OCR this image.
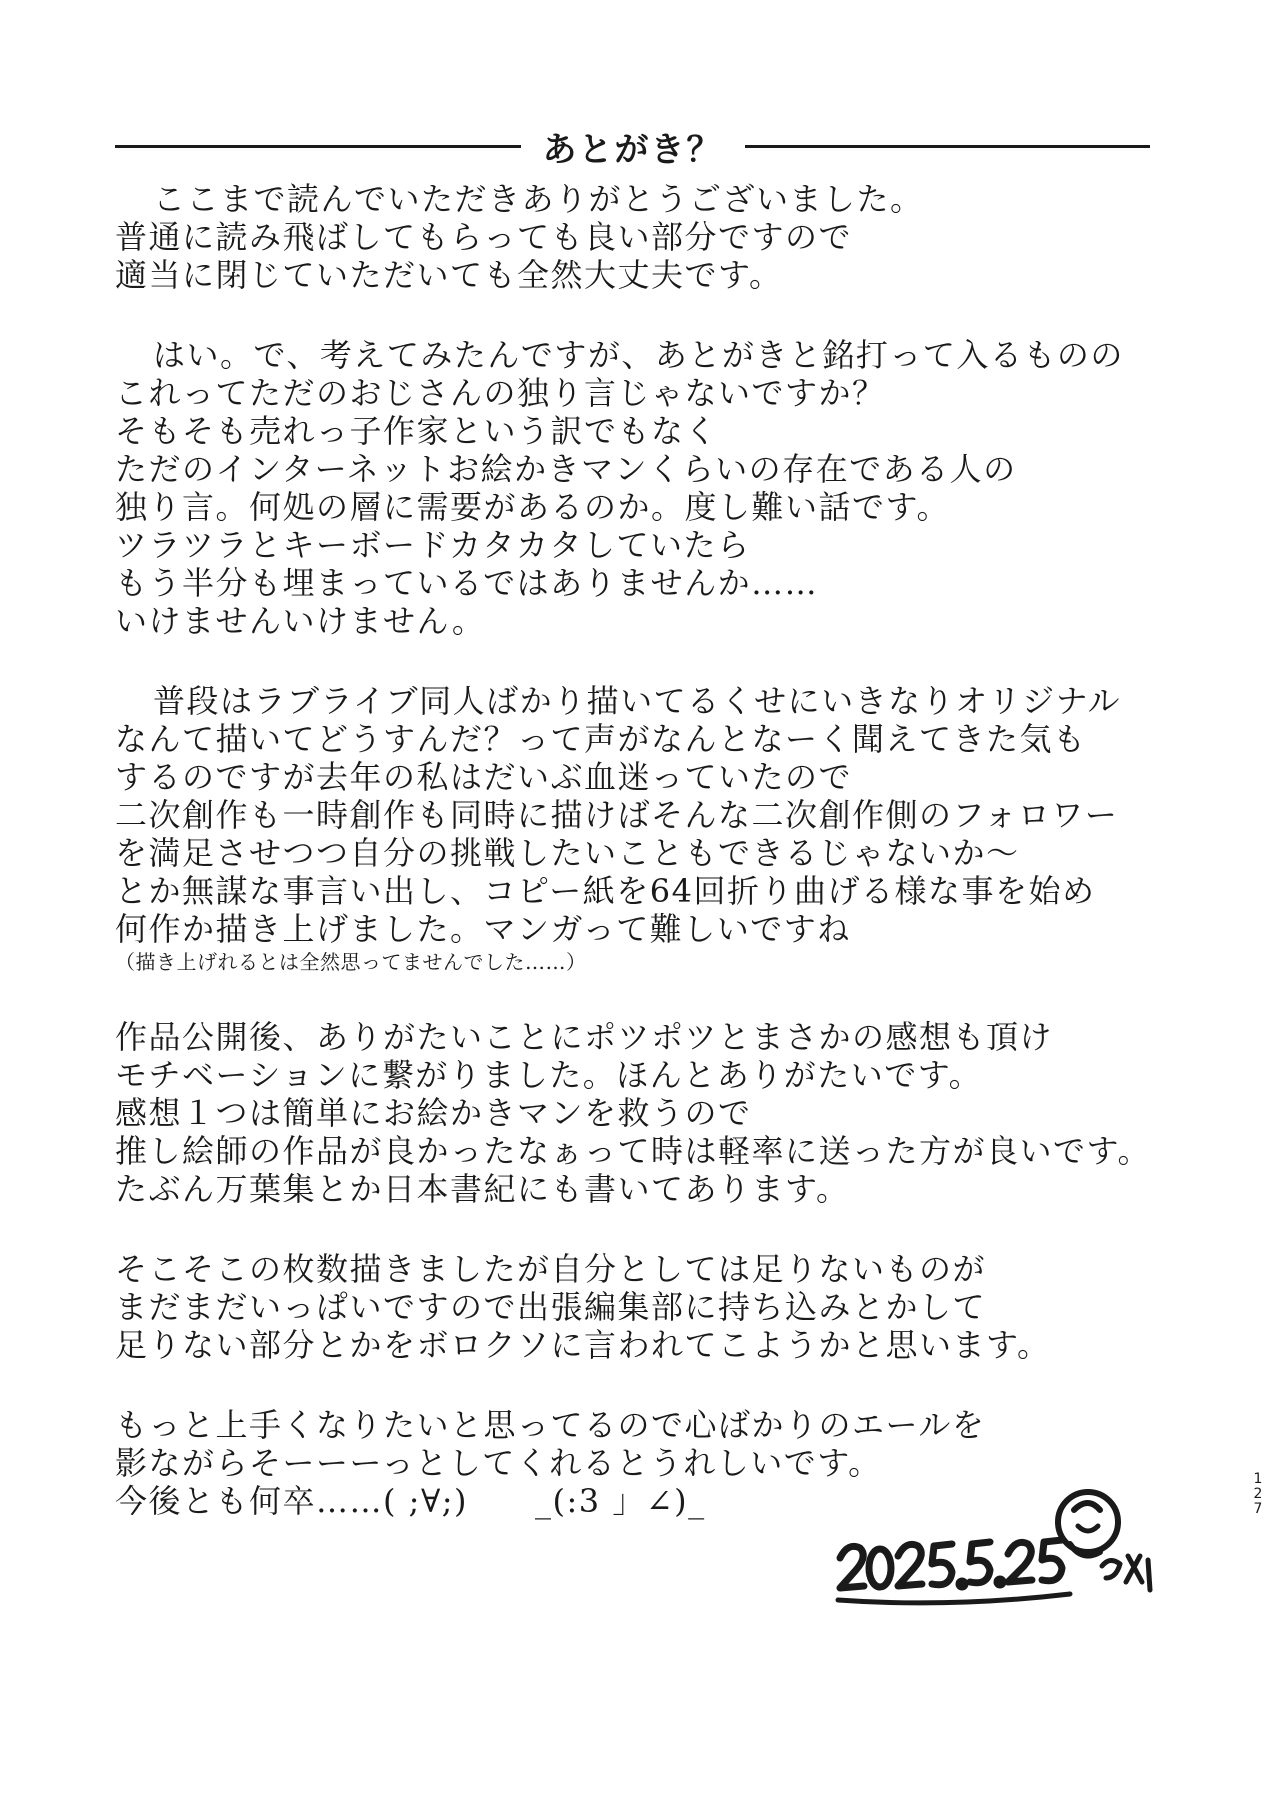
あとがき？
ここまで読んでいただきありがとうございました。
普通に読み飛ばしてもらっても良い部分ですので
適当に閉じていただいても全然大丈夫です。
はい。で、考えてみたんですが、あとがきと銘打って入るものの
これってただのおじさんの独り言じゃないですか？
そもそも売れっ子作家という訳でもなく
ただのインターネットお絵かきマンくらいの存在である人の
独り言。何処の層に需要があるのか。度し難い話です。
ツラツラとキーボードカタカタしていたら
もう半分も埋まっているではありませんか……
いけませんいけません。
普段はラブライブ同人ばかり描いてるくせにいきなりオリジナル
なんて描いてどうすんだ？って声がなんとなーく聞えてきた気も
するのですが去年の私はだいぶ血迷っていたので
二次創作も一時創作も同時に描けばそんな二次創作側のフォロワー
を満足させつつ自分の挑戦したいこともできるじゃないか〜
とか無謀な事言い出し、コピー紙を64回折り曲げる様な事を始め
何作か描き上げました。マンガって難しいですね
（描き上げれるとは全然思ってませんでした……）
作品公開後、ありがたいことにポツポツとまさかの感想も頂け
モチベーションに繋がりました。ほんとありがたいです。
感想１つは簡単にお絵かきマンを救うので
推し絵師の作品が良かったなぁって時は軽率に送った方が良いです。
たぶん万葉集とか日本書紀にも書いてあります。
そこそこの枚数描きましたが自分としては足りないものが
まだまだいっぱいですので出張編集部に持ち込みとかして
足りない部分とかをボロクソに言われてこようかと思います。
もっと上手くなりたいと思ってるので心ばかりのエールを
影ながらそーーーっとしてくれるとうれしいです。
今後とも何卒……( ;∀;)　　_(:3 」∠)_
127
